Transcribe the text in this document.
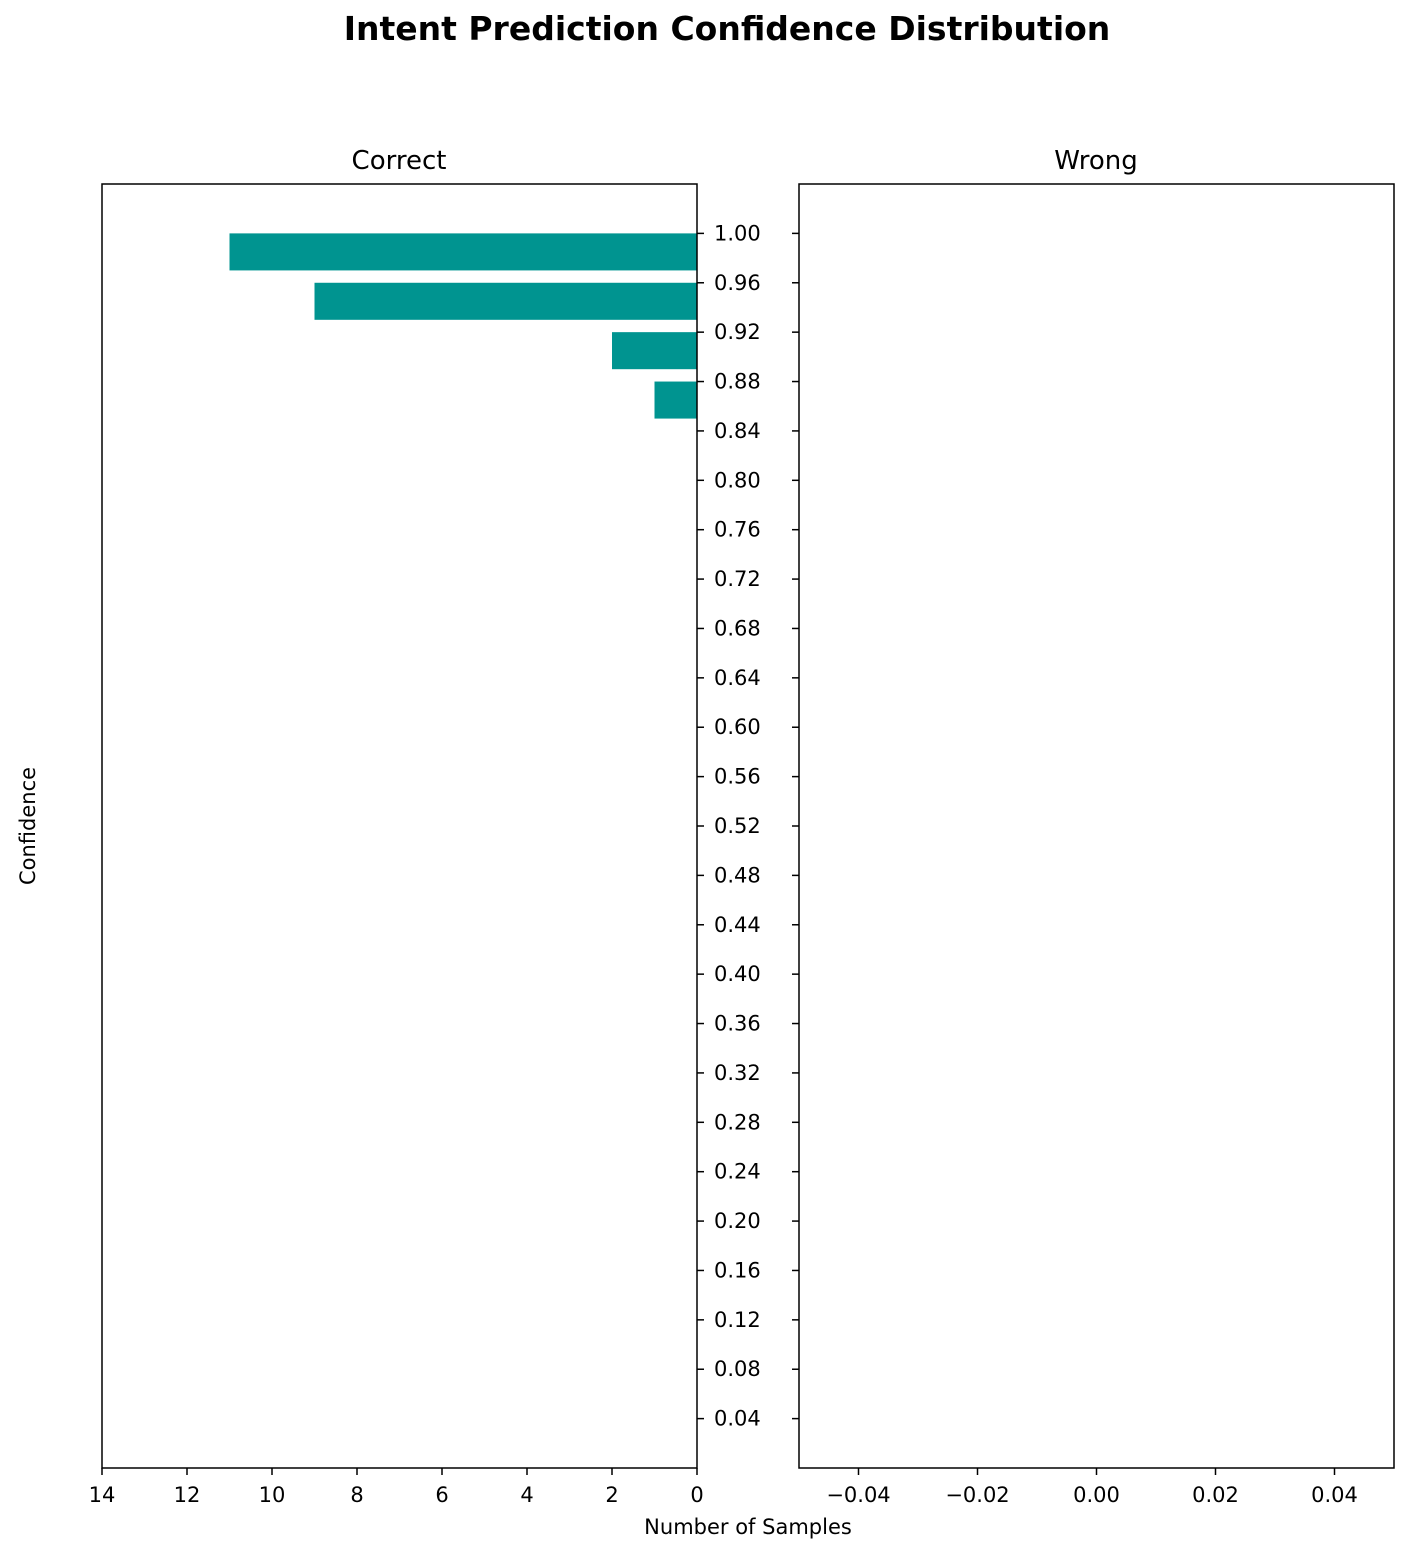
Intent Prediction Confidence Distribution
Correct	Wrong
0.04
0.08
0.12
0.16
0.20
0.24
0.28
0.32
0.36
0.40
0.44
0.48
0.52
0.56
0.60
0.64
0.68
0.72
0.76
0.80
0.84
0.88
0.92
0.96
1.00
14	12	10	8	6	4	2	0	−0.04	−0.02	0.00	0.02	0.04
Number of Samples
Confidence
